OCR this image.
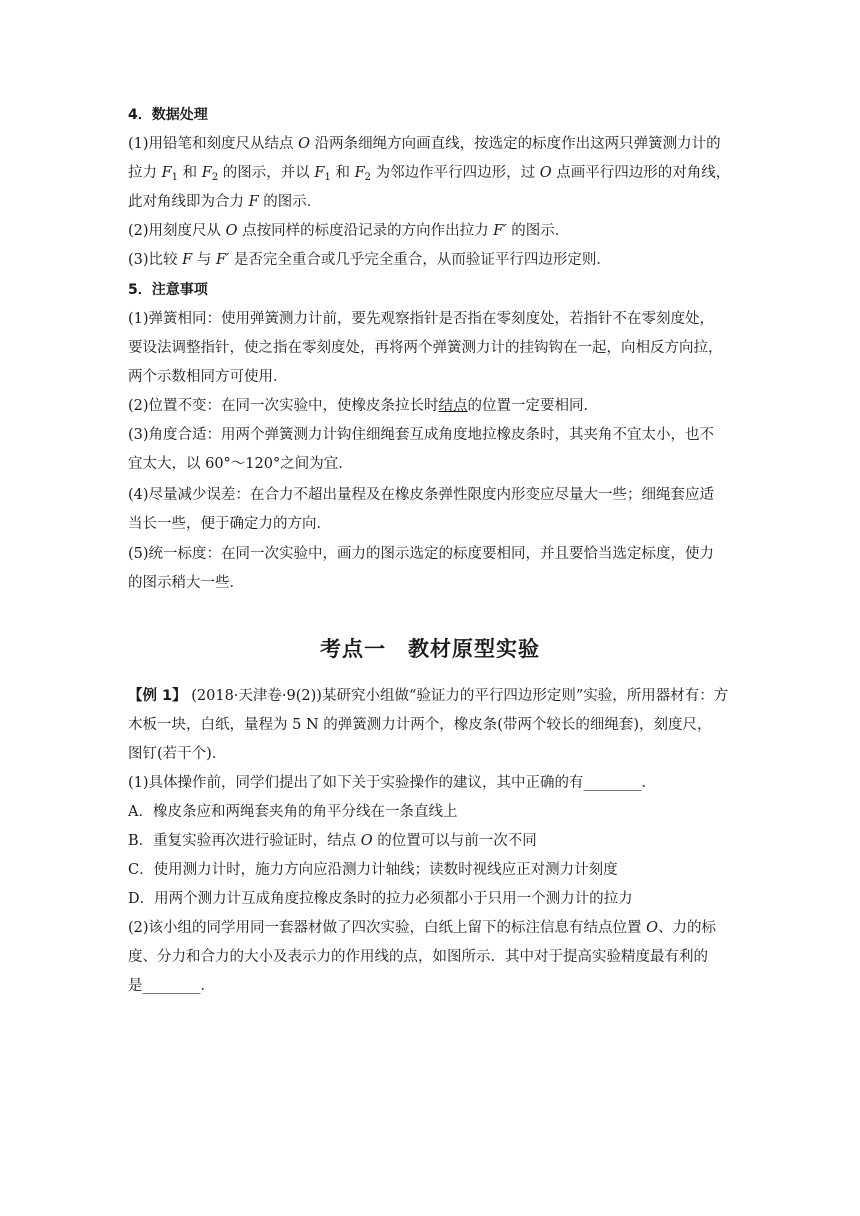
4．数据处理
(1)用铅笔和刻度尺从结点 O 沿两条细绳方向画直线，按选定的标度作出这两只弹簧测力计的
拉力 $F_1$ 和 $F_2$ 的图示，并以 $F_1$ 和 $F_2$ 为邻边作平行四边形，过 O 点画平行四边形的对角线，
此对角线即为合力 F 的图示．
(2)用刻度尺从 O 点按同样的标度沿记录的方向作出拉力 F′ 的图示．
(3)比较 F 与 F′ 是否完全重合或几乎完全重合，从而验证平行四边形定则．
5．注意事项
(1)弹簧相同：使用弹簧测力计前，要先观察指针是否指在零刻度处，若指针不在零刻度处，
要设法调整指针，使之指在零刻度处，再将两个弹簧测力计的挂钩钩在一起，向相反方向拉，
两个示数相同方可使用．
(2)位置不变：在同一次实验中，使橡皮条拉长时结点的位置一定要相同．
(3)角度合适：用两个弹簧测力计钩住细绳套互成角度地拉橡皮条时，其夹角不宜太小，也不
宜太大，以 60°～120°之间为宜．
(4)尽量减少误差：在合力不超出量程及在橡皮条弹性限度内形变应尽量大一些；细绳套应适
当长一些，便于确定力的方向．
(5)统一标度：在同一次实验中，画力的图示选定的标度要相同，并且要恰当选定标度，使力
的图示稍大一些．
考点一　教材原型实验
【例 1】 (2018·天津卷·9(2))某研究小组做“验证力的平行四边形定则”实验，所用器材有：方
木板一块，白纸，量程为 5 N 的弹簧测力计两个，橡皮条(带两个较长的细绳套)，刻度尺，
图钉(若干个)．
(1)具体操作前，同学们提出了如下关于实验操作的建议，其中正确的有________．
A．橡皮条应和两绳套夹角的角平分线在一条直线上
B．重复实验再次进行验证时，结点 O 的位置可以与前一次不同
C．使用测力计时，施力方向应沿测力计轴线；读数时视线应正对测力计刻度
D．用两个测力计互成角度拉橡皮条时的拉力必须都小于只用一个测力计的拉力
(2)该小组的同学用同一套器材做了四次实验，白纸上留下的标注信息有结点位置 O、力的标
度、分力和合力的大小及表示力的作用线的点，如图所示．其中对于提高实验精度最有利的
是________．
